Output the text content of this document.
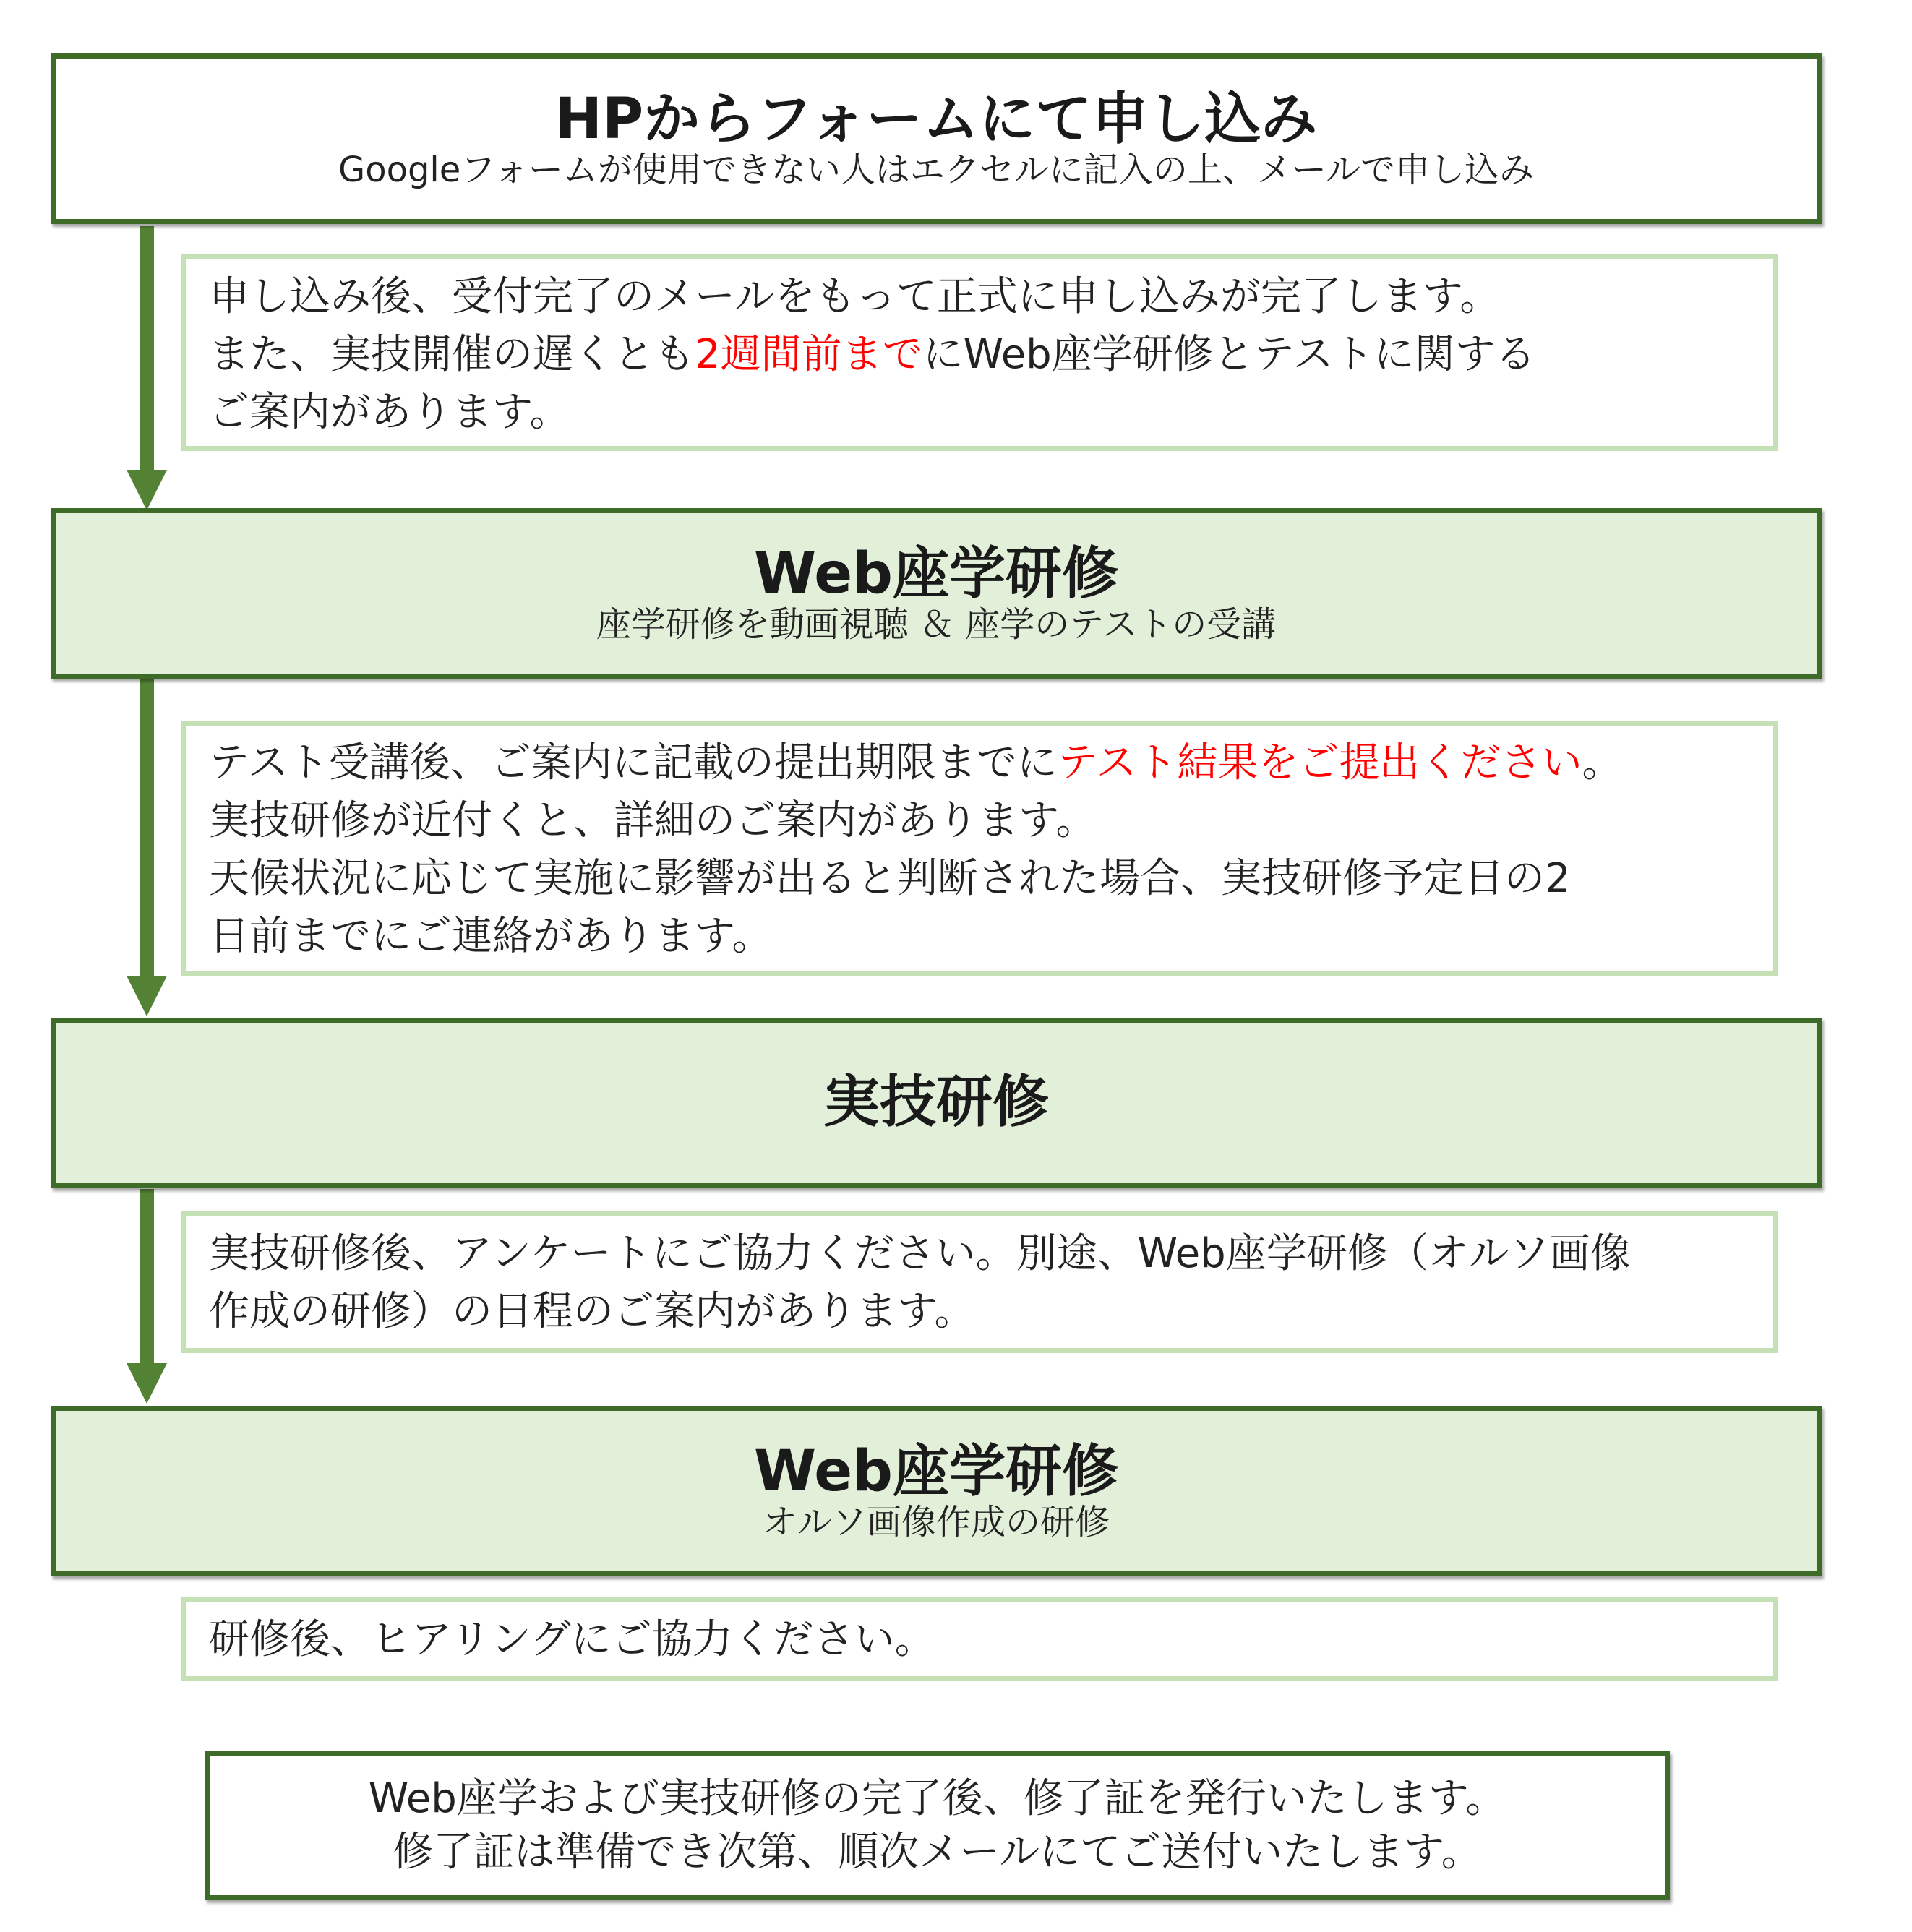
HPからフォームにて申し込み
Googleフォームが使用できない人はエクセルに記入の上、メールで申し込み
申し込み後、受付完了のメールをもって正式に申し込みが完了します。
また、実技開催の遅くとも2週間前までにWeb座学研修とテストに関する
ご案内があります。
Web座学研修
座学研修を動画視聴 ＆ 座学のテストの受講
テスト受講後、ご案内に記載の提出期限までにテスト結果をご提出ください。
実技研修が近付くと、詳細のご案内があります。
天候状況に応じて実施に影響が出ると判断された場合、実技研修予定日の2
日前までにご連絡があります。
実技研修
実技研修後、アンケートにご協力ください。別途、Web座学研修（オルソ画像
作成の研修）の日程のご案内があります。
Web座学研修
オルソ画像作成の研修
研修後、ヒアリングにご協力ください。
Web座学および実技研修の完了後、修了証を発行いたします。
修了証は準備でき次第、順次メールにてご送付いたします。
